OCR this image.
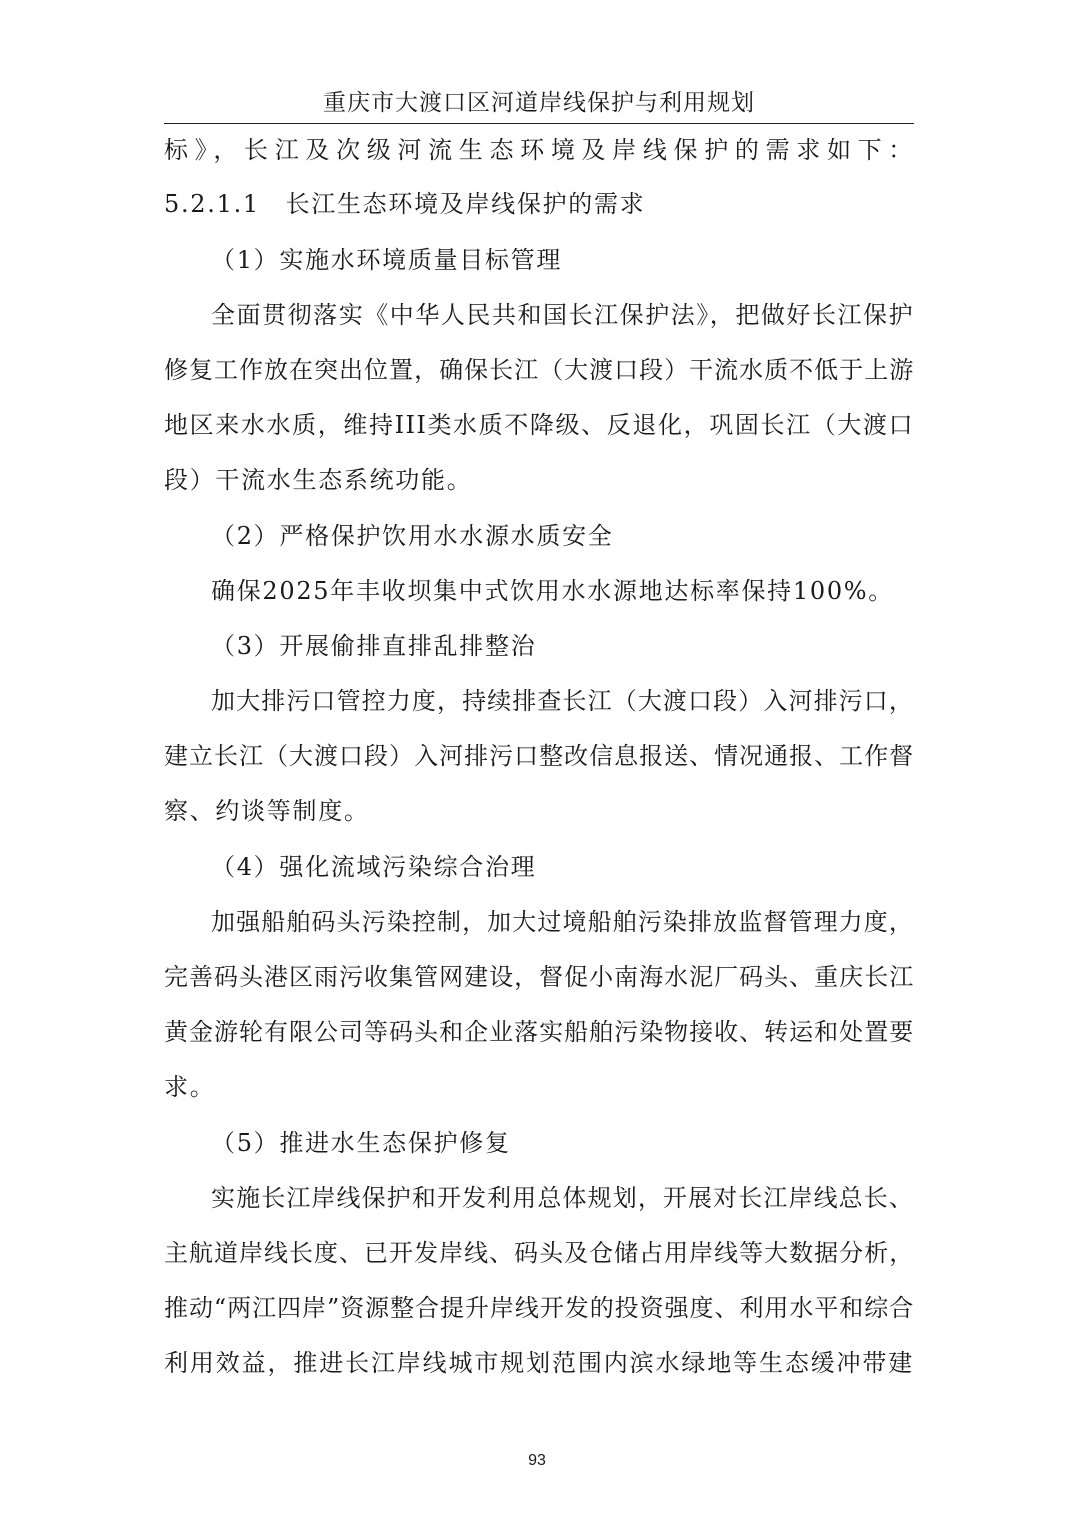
重庆市大渡口区河道岸线保护与利用规划
标》，长江及次级河流生态环境及岸线保护的需求如下：
5.2.1.1　长江生态环境及岸线保护的需求
（1）实施水环境质量目标管理
全面贯彻落实《中华人民共和国长江保护法》，把做好长江保护
修复工作放在突出位置，确保长江（大渡口段）干流水质不低于上游
地区来水水质，维持III类水质不降级、反退化，巩固长江（大渡口
段）干流水生态系统功能。
（2）严格保护饮用水水源水质安全
确保2025年丰收坝集中式饮用水水源地达标率保持100%。
（3）开展偷排直排乱排整治
加大排污口管控力度，持续排查长江（大渡口段）入河排污口，
建立长江（大渡口段）入河排污口整改信息报送、情况通报、工作督
察、约谈等制度。
（4）强化流域污染综合治理
加强船舶码头污染控制，加大过境船舶污染排放监督管理力度，
完善码头港区雨污收集管网建设，督促小南海水泥厂码头、重庆长江
黄金游轮有限公司等码头和企业落实船舶污染物接收、转运和处置要
求。
（5）推进水生态保护修复
实施长江岸线保护和开发利用总体规划，开展对长江岸线总长、
主航道岸线长度、已开发岸线、码头及仓储占用岸线等大数据分析，
推动“两江四岸”资源整合提升岸线开发的投资强度、利用水平和综合
利用效益，推进长江岸线城市规划范围内滨水绿地等生态缓冲带建
93
